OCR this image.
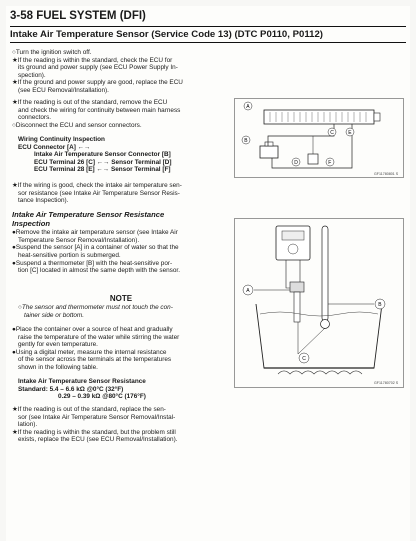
3-58 FUEL SYSTEM (DFI)
Intake Air Temperature Sensor (Service Code 13) (DTC P0110, P0112)

○Turn the ignition switch off.

★If the reading is within the standard, check the ECU for

its ground and power supply (see ECU Power Supply In-

spection).

★If the ground and power supply are good, replace the ECU

(see ECU Removal/Installation).

★If the reading is out of the standard, remove the ECU

and check the wiring for continuity between main harness

connectors.

○Disconnect the ECU and sensor connectors.

Wiring Continuity Inspection

ECU Connector [A] ←→

Intake Air Temperature Sensor Connector [B]

ECU Terminal 26 [C] ←→ Sensor Terminal [D]

ECU Terminal 28 [E] ←→ Sensor Terminal [F]

★If the wiring is good, check the intake air temperature sen-

sor resistance (see Intake Air Temperature Sensor Resis-

tance Inspection).

Intake Air Temperature Sensor Resistance

Inspection

●Remove the intake air temperature sensor (see Intake Air

Temperature Sensor Removal/Installation).

●Suspend the sensor [A] in a container of water so that the

heat-sensitive portion is submerged.

●Suspend a thermometer [B] with the heat-sensitive por-

tion [C] located in almost the same depth with the sensor.

NOTE

○The sensor and thermometer must not touch the con-

tainer side or bottom.

●Place the container over a source of heat and gradually

raise the temperature of the water while stirring the water

gently for even temperature.

●Using a digital meter, measure the internal resistance

of the sensor across the terminals at the temperatures

shown in the following table.

Intake Air Temperature Sensor Resistance

Standard: 5.4 – 6.6 kΩ @0°C (32°F)

0.29 – 0.39 kΩ @80°C (176°F)

★If the reading is out of the standard, replace the sen-

sor (see Intake Air Temperature Sensor Removal/Instal-

lation).

★If the reading is within the standard, but the problem still

exists, replace the ECU (see ECU Removal/Installation).

A
B
C	E
D	F
GF11780801 S
A
B
C
GF11780702 S
